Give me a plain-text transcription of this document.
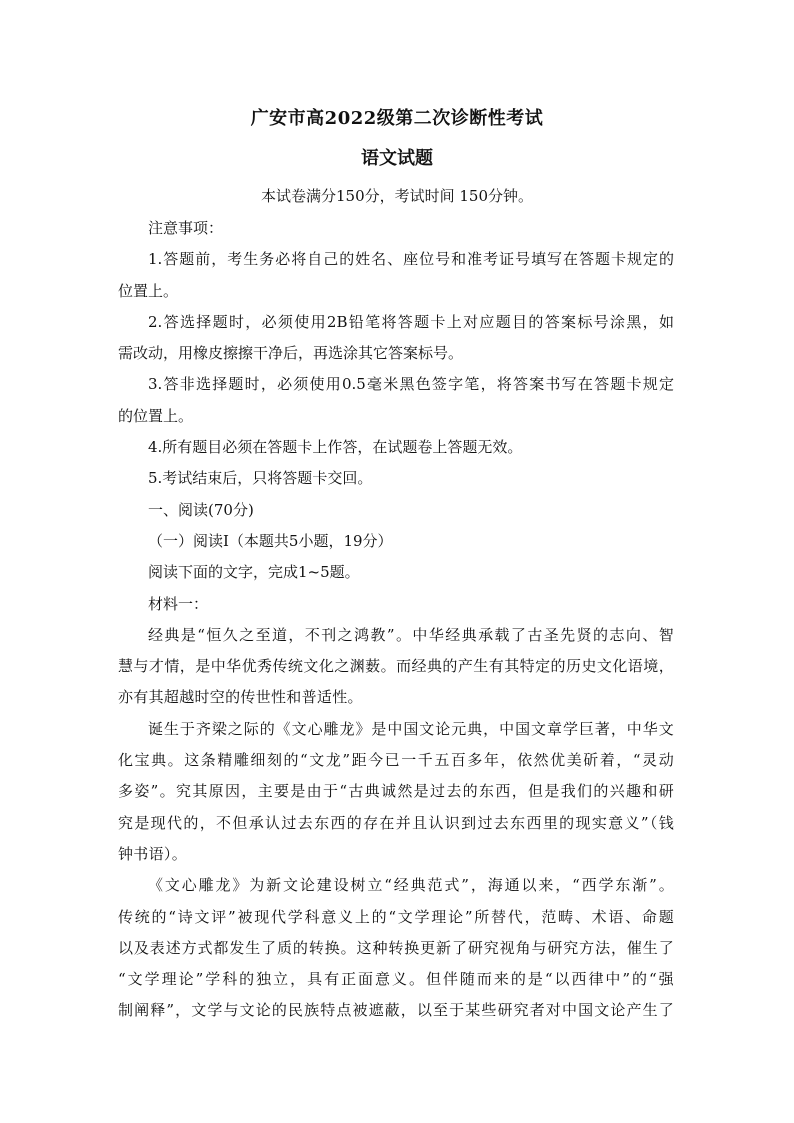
广安市高2022级第二次诊断性考试
语文试题
本试卷满分150分，考试时间 150分钟。
注意事项：
1.答题前，考生务必将自己的姓名、座位号和准考证号填写在答题卡规定的
位置上。
2.答选择题时，必须使用2B铅笔将答题卡上对应题目的答案标号涂黑，如
需改动，用橡皮擦擦干净后，再选涂其它答案标号。
3.答非选择题时，必须使用0.5毫米黑色签字笔，将答案书写在答题卡规定
的位置上。
4.所有题目必须在答题卡上作答，在试题卷上答题无效。
5.考试结束后，只将答题卡交回。
一、阅读(70分)
（一）阅读Ⅰ（本题共5小题，19分）
阅读下面的文字，完成1~5题。
材料一：
经典是“恒久之至道，不刊之鸿教”。中华经典承载了古圣先贤的志向、智
慧与才情，是中华优秀传统文化之渊薮。而经典的产生有其特定的历史文化语境，
亦有其超越时空的传世性和普适性。
诞生于齐梁之际的《文心雕龙》是中国文论元典，中国文章学巨著，中华文
化宝典。这条精雕细刻的“文龙”距今已一千五百多年，依然优美斫着，“灵动
多姿”。究其原因，主要是由于“古典诚然是过去的东西，但是我们的兴趣和研
究是现代的，不但承认过去东西的存在并且认识到过去东西里的现实意义”（钱
钟书语）。
《文心雕龙》为新文论建设树立“经典范式”，海通以来，“西学东渐”。
传统的“诗文评”被现代学科意义上的“文学理论”所替代，范畴、术语、命题
以及表述方式都发生了质的转换。这种转换更新了研究视角与研究方法，催生了
“文学理论”学科的独立，具有正面意义。但伴随而来的是“以西律中”的“强
制阐释”，文学与文论的民族特点被遮蔽，以至于某些研究者对中国文论产生了
